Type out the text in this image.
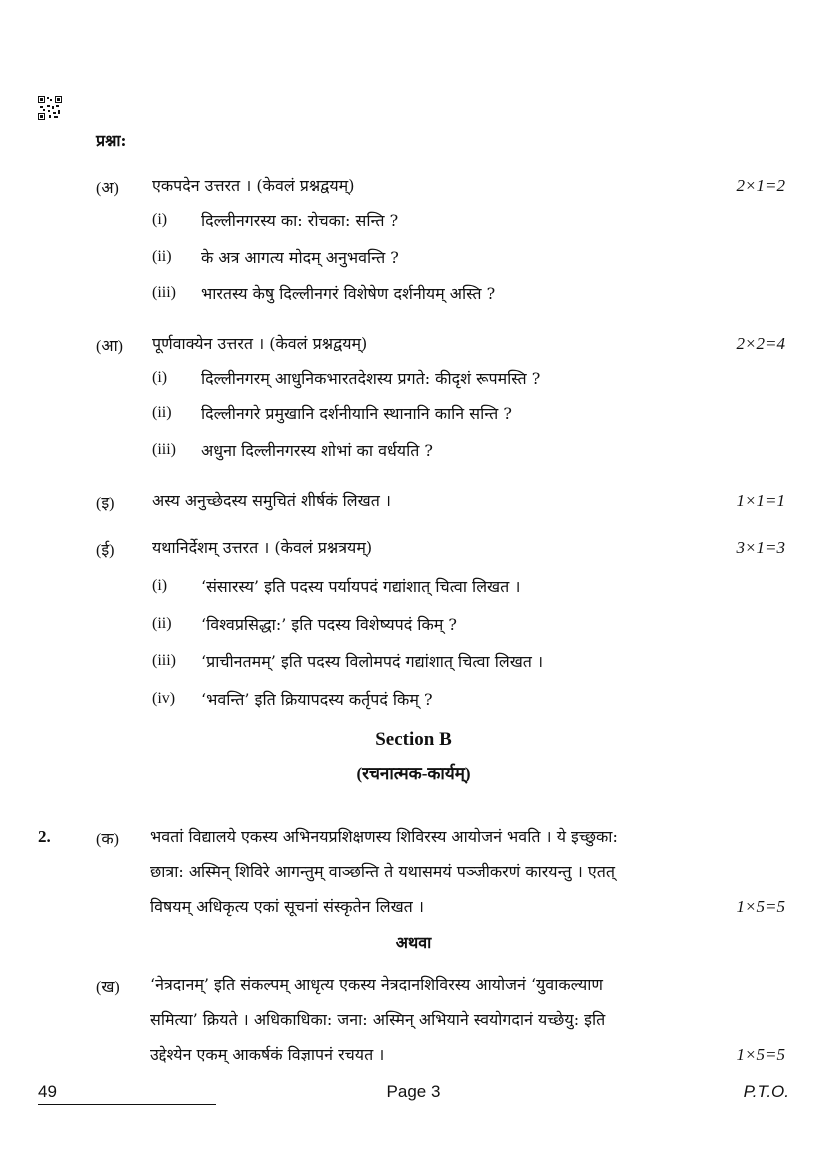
प्रश्ना:
(अ) एकपदेन उत्तरत । (केवलं प्रश्नद्वयम्)	2×1=2
(i) दिल्लीनगरस्य का: रोचका: सन्ति ?
(ii) के अत्र आगत्य मोदम् अनुभवन्ति ?
(iii) भारतस्य केषु दिल्लीनगरं विशेषेण दर्शनीयम् अस्ति ?
(आ) पूर्णवाक्येन उत्तरत । (केवलं प्रश्नद्वयम्)	2×2=4
(i) दिल्लीनगरम् आधुनिकभारतदेशस्य प्रगते: कीदृशं रूपमस्ति ?
(ii) दिल्लीनगरे प्रमुखानि दर्शनीयानि स्थानानि कानि सन्ति ?
(iii) अधुना दिल्लीनगरस्य शोभां का वर्धयति ?
(इ) अस्य अनुच्छेदस्य समुचितं शीर्षकं लिखत ।	1×1=1
(ई) यथानिर्देशम् उत्तरत । (केवलं प्रश्नत्रयम्)	3×1=3
(i) ‘संसारस्य’ इति पदस्य पर्यायपदं गद्यांशात् चित्वा लिखत ।
(ii) ‘विश्वप्रसिद्धा:’ इति पदस्य विशेष्यपदं किम् ?
(iii) ‘प्राचीनतमम्’ इति पदस्य विलोमपदं गद्यांशात् चित्वा लिखत ।
(iv) ‘भवन्ति’ इति क्रियापदस्य कर्तृपदं किम् ?
Section B
(रचनात्मक-कार्यम्)
2.	(क) भवतां विद्यालये एकस्य अभिनयप्रशिक्षणस्य शिविरस्य आयोजनं भवति । ये इच्छुका:
छात्रा: अस्मिन् शिविरे आगन्तुम् वाञ्छन्ति ते यथासमयं पञ्जीकरणं कारयन्तु । एतत्
विषयम् अधिकृत्य एकां सूचनां संस्कृतेन लिखत ।	1×5=5
अथवा
(ख) ‘नेत्रदानम्’ इति संकल्पम् आधृत्य एकस्य नेत्रदानशिविरस्य आयोजनं ‘युवाकल्याण
समित्या’ क्रियते । अधिकाधिका: जना: अस्मिन् अभियाने स्वयोगदानं यच्छेयु: इति
उद्देश्येन एकम् आकर्षकं विज्ञापनं रचयत ।	1×5=5
49	Page 3	P.T.O.
